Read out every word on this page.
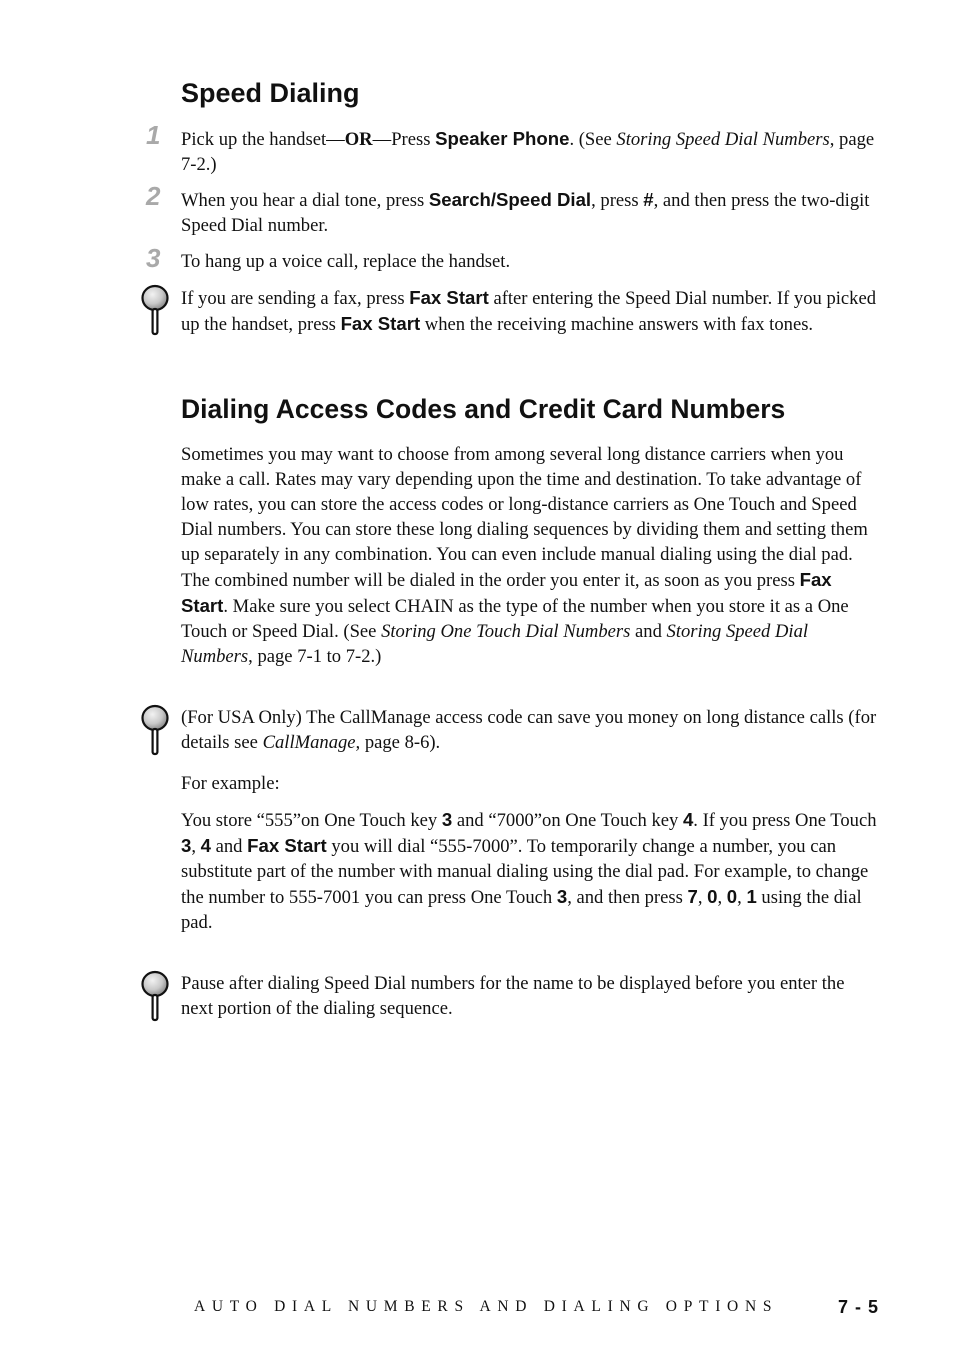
Speed Dialing
1 Pick up the handset—OR—Press Speaker Phone. (See Storing Speed Dial Numbers, page 7-2.)

2 When you hear a dial tone, press Search/Speed Dial, press #, and then press the two-digit Speed Dial number.

3 To hang up a voice call, replace the handset.

If you are sending a fax, press Fax Start after entering the Speed Dial number. If you picked up the handset, press Fax Start when the receiving machine answers with fax tones.

Dialing Access Codes and Credit Card Numbers

Sometimes you may want to choose from among several long distance carriers when you make a call. Rates may vary depending upon the time and destination. To take advantage of low rates, you can store the access codes or long-distance carriers as One Touch and Speed Dial numbers. You can store these long dialing sequences by dividing them and setting them up separately in any combination. You can even include manual dialing using the dial pad. The combined number will be dialed in the order you enter it, as soon as you press Fax Start. Make sure you select CHAIN as the type of the number when you store it as a One Touch or Speed Dial. (See Storing One Touch Dial Numbers and Storing Speed Dial Numbers, page 7-1 to 7-2.)

(For USA Only) The CallManage access code can save you money on long distance calls (for details see CallManage, page 8-6).

For example:

You store “555”on One Touch key 3 and “7000”on One Touch key 4. If you press One Touch 3, 4 and Fax Start you will dial “555-7000”. To temporarily change a number, you can substitute part of the number with manual dialing using the dial pad. For example, to change the number to 555-7001 you can press One Touch 3, and then press 7, 0, 0, 1 using the dial pad.

Pause after dialing Speed Dial numbers for the name to be displayed before you enter the next portion of the dialing sequence.

AUTO DIAL NUMBERS AND DIALING OPTIONS	7 - 5
